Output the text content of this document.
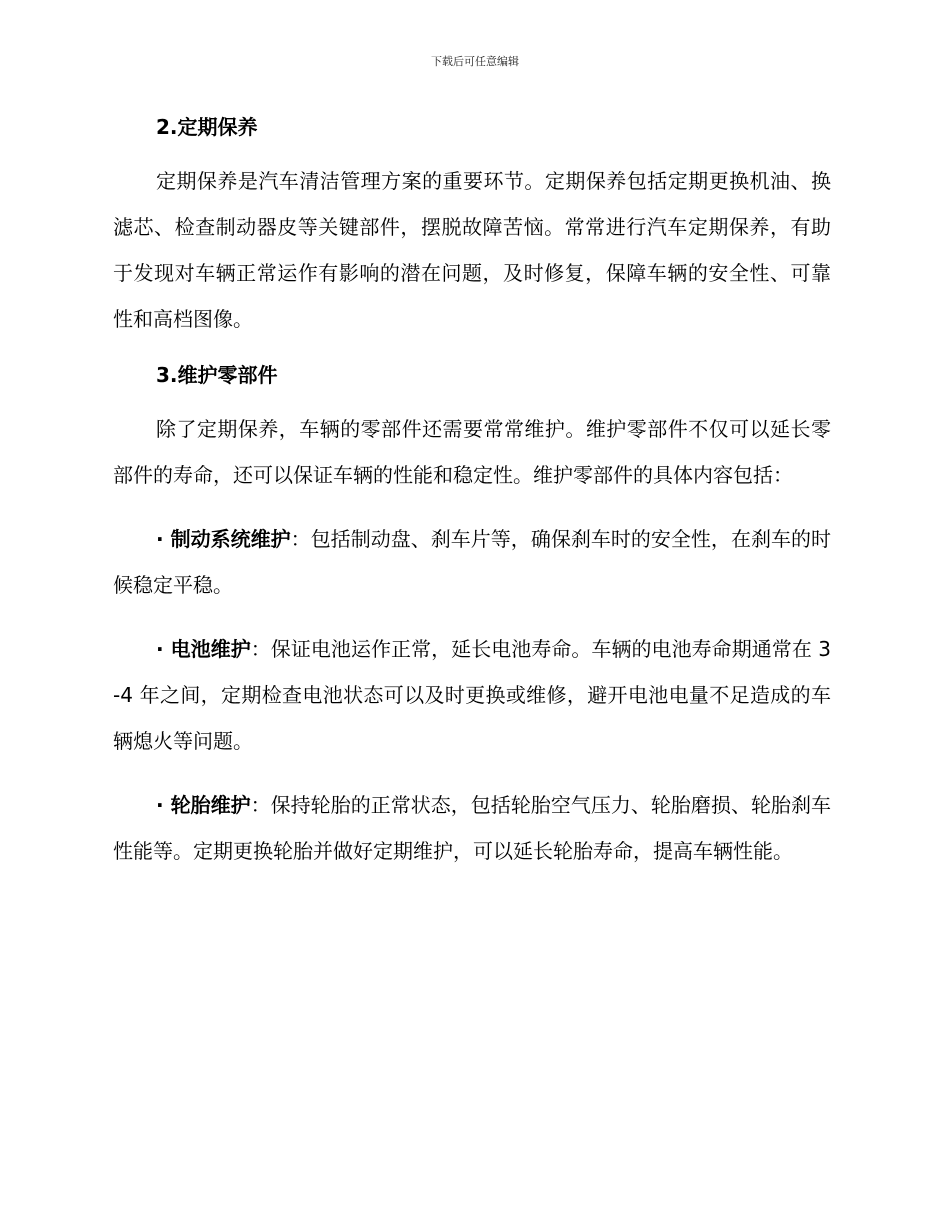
下载后可任意编辑
2.定期保养

定期保养是汽车清洁管理方案的重要环节。定期保养包括定期更换机油、换滤芯、检查制动器皮等关键部件，摆脱故障苦恼。常常进行汽车定期保养，有助于发现对车辆正常运作有影响的潜在问题，及时修复，保障车辆的安全性、可靠性和高档图像。

3.维护零部件

除了定期保养，车辆的零部件还需要常常维护。维护零部件不仅可以延长零部件的寿命，还可以保证车辆的性能和稳定性。维护零部件的具体内容包括：

· 制动系统维护：包括制动盘、刹车片等，确保刹车时的安全性，在刹车的时候稳定平稳。

· 电池维护：保证电池运作正常，延长电池寿命。车辆的电池寿命期通常在 3-4 年之间，定期检查电池状态可以及时更换或维修，避开电池电量不足造成的车辆熄火等问题。

· 轮胎维护：保持轮胎的正常状态，包括轮胎空气压力、轮胎磨损、轮胎刹车性能等。定期更换轮胎并做好定期维护，可以延长轮胎寿命，提高车辆性能。
